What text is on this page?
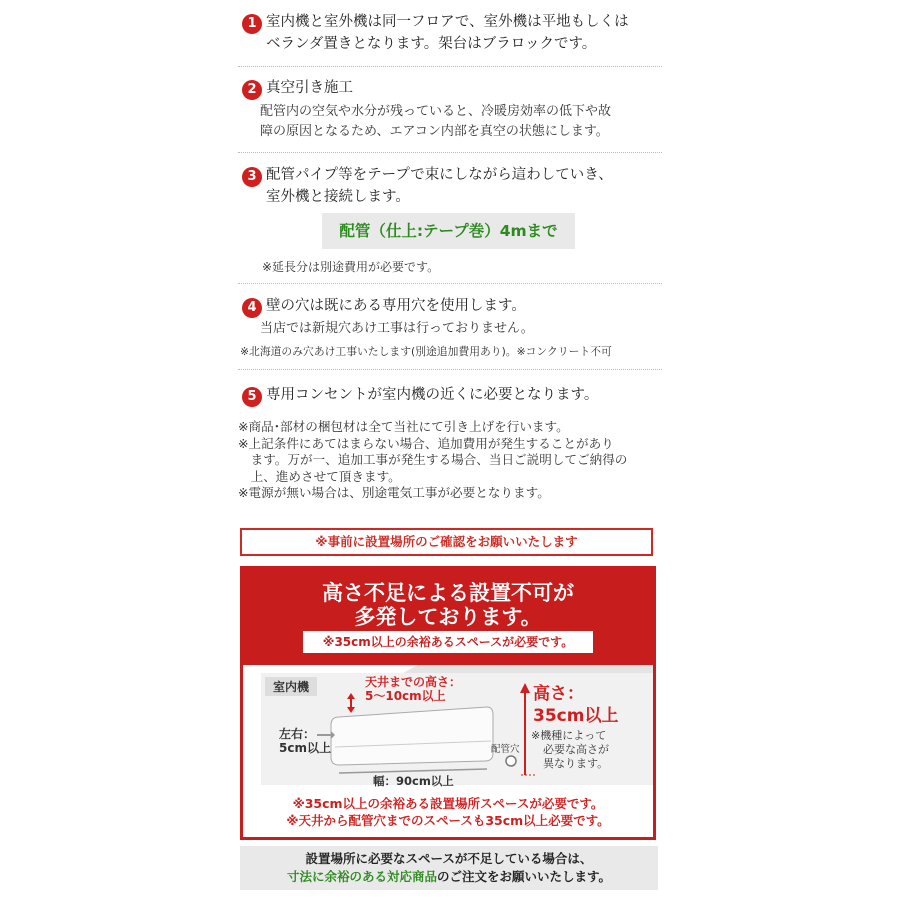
1 室内機と室外機は同一フロアで、室外機は平地もしくは
ベランダ置きとなります。架台はブラロックです。
2 真空引き施工
配管内の空気や水分が残っていると、冷暖房効率の低下や故
障の原因となるため、エアコン内部を真空の状態にします。
3 配管パイプ等をテープで束にしながら這わしていき、
室外機と接続します。
配管（仕上:テープ巻）4mまで
※延長分は別途費用が必要です。
4 壁の穴は既にある専用穴を使用します。
当店では新規穴あけ工事は行っておりません。
※北海道のみ穴あけ工事いたします(別途追加費用あり)。※コンクリート不可
5 専用コンセントが室内機の近くに必要となります。
※商品･部材の梱包材は全て当社にて引き上げを行います。
※上記条件にあてはまらない場合、追加費用が発生することがあり
　ます。万が一、追加工事が発生する場合、当日ご説明してご納得の
　上、進めさせて頂きます。
※電源が無い場合は、別途電気工事が必要となります。
※事前に設置場所のご確認をお願いいたします
高さ不足による設置不可が
多発しております。
※35cm以上の余裕あるスペースが必要です。
室内機	天井までの高さ：
5〜10cm以上
左右：
5cm以上
高さ：
35cm以上
※機種によって
必要な高さが
異なります。
配管穴
幅：90cm以上
※35cm以上の余裕ある設置場所スペースが必要です。
※天井から配管穴までのスペースも35cm以上必要です。
設置場所に必要なスペースが不足している場合は、
寸法に余裕のある対応商品のご注文をお願いいたします。
